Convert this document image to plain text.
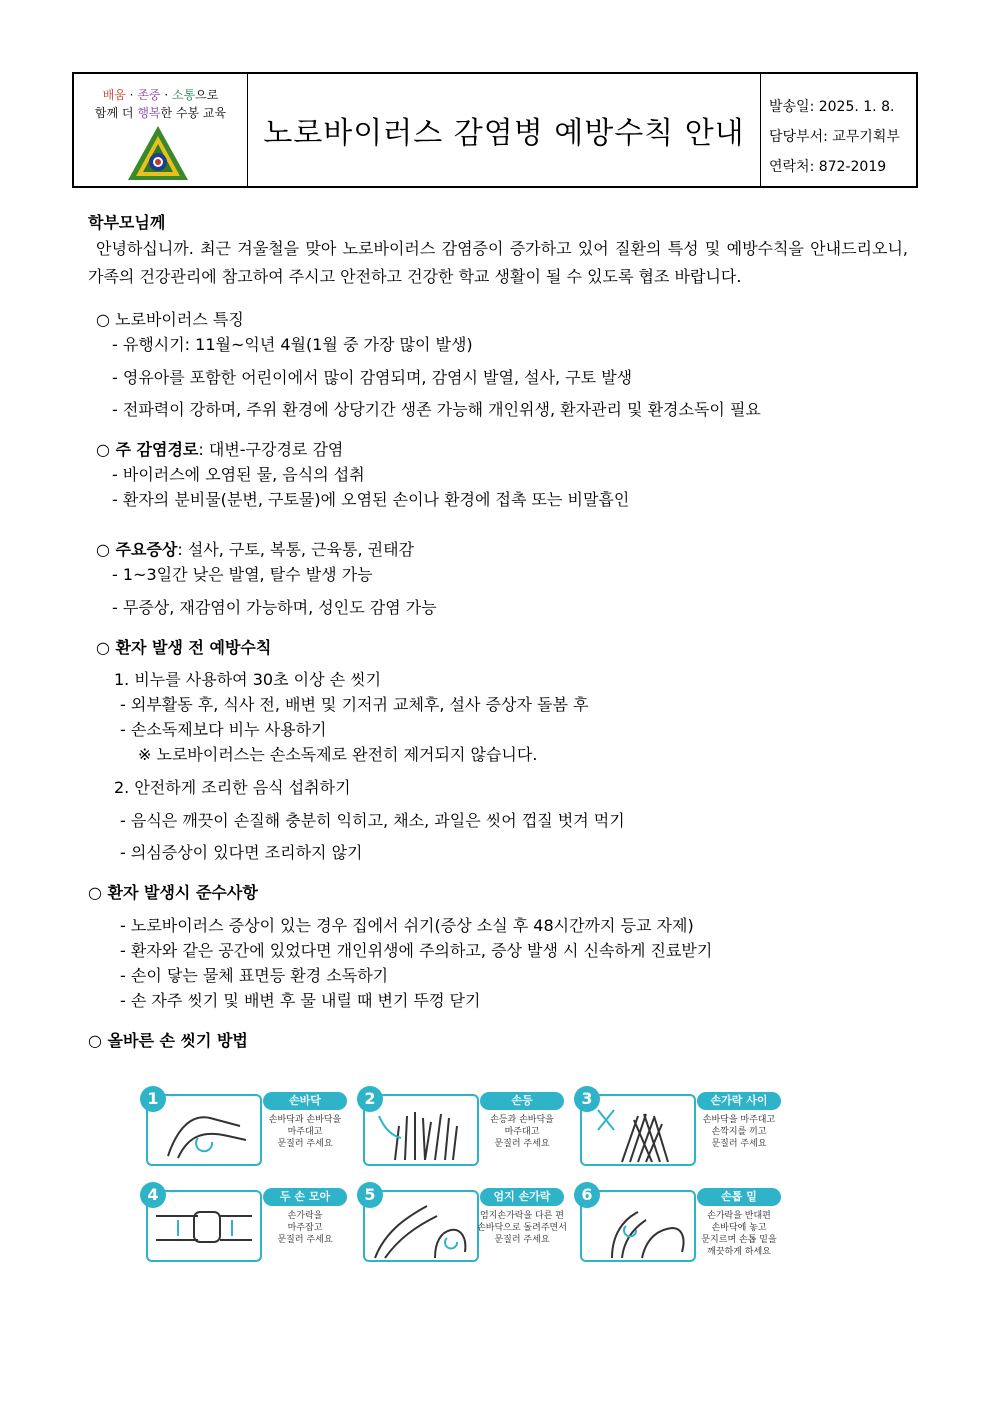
배움 · 존중 · 소통으로
함께 더 행복한 수봉 교육
노로바이러스 감염병 예방수칙 안내
발송일: 2025. 1. 8.
담당부서: 교무기획부
연락처: 872-2019
학부모님께
안녕하십니까. 최근 겨울철을 맞아 노로바이러스 감염증이 증가하고 있어 질환의 특성 및 예방수칙을 안내드리오니, 가족의 건강관리에 참고하여 주시고 안전하고 건강한 학교 생활이 될 수 있도록 협조 바랍니다.
○ 노로바이러스 특징
- 유행시기: 11월~익년 4월(1월 중 가장 많이 발생)
- 영유아를 포함한 어린이에서 많이 감염되며, 감염시 발열, 설사, 구토 발생
- 전파력이 강하며, 주위 환경에 상당기간 생존 가능해 개인위생, 환자관리 및 환경소독이 필요
○ 주 감염경로: 대변-구강경로 감염
- 바이러스에 오염된 물, 음식의 섭취
- 환자의 분비물(분변, 구토물)에 오염된 손이나 환경에 접촉 또는 비말흡인
○ 주요증상: 설사, 구토, 복통, 근육통, 권태감
- 1~3일간 낮은 발열, 탈수 발생 가능
- 무증상, 재감염이 가능하며, 성인도 감염 가능
○ 환자 발생 전 예방수칙
1. 비누를 사용하여 30초 이상 손 씻기
- 외부활동 후, 식사 전, 배변 및 기저귀 교체후, 설사 증상자 돌봄 후
- 손소독제보다 비누 사용하기
※ 노로바이러스는 손소독제로 완전히 제거되지 않습니다.
2. 안전하게 조리한 음식 섭취하기
- 음식은 깨끗이 손질해 충분히 익히고, 채소, 과일은 씻어 껍질 벗겨 먹기
- 의심증상이 있다면 조리하지 않기
○ 환자 발생시 준수사항
- 노로바이러스 증상이 있는 경우 집에서 쉬기(증상 소실 후 48시간까지 등교 자제)
- 환자와 같은 공간에 있었다면 개인위생에 주의하고, 증상 발생 시 신속하게 진료받기
- 손이 닿는 물체 표면등 환경 소독하기
- 손 자주 씻기 및 배변 후 물 내릴 때 변기 뚜껑 닫기
○ 올바른 손 씻기 방법
1	손바닥
손바닥과 손바닥을
마주대고
문질러 주세요
2	손등
손등과 손바닥을
마주대고
문질러 주세요
3	손가락 사이
손바닥을 마주대고
손깍지를 끼고
문질러 주세요
4	두 손 모아
손가락을
마주잡고
문질러 주세요
5	엄지 손가락
엄지손가락을 다른 편
손바닥으로 돌려주면서
문질러 주세요
6	손톱 밑
손가락을 반대편
손바닥에 놓고
문지르며 손톱 밑을
깨끗하게 하세요
